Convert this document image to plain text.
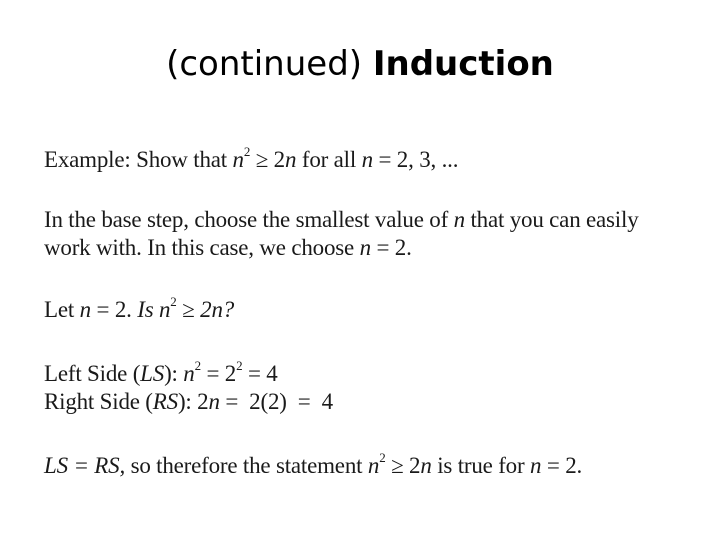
(continued) Induction
Example: Show that $n^2 \ge 2n$ for all n = 2, 3, ...
In the base step, choose the smallest value of n that you can easily
work with. In this case, we choose n = 2.
Let n = 2. Is $n^2 \ge 2n$?
Left Side (LS): $n^2 = 2^2 = 4$
Right Side (RS): 2n =  2(2)  =  4
LS = RS, so therefore the statement $n^2 \ge 2n$ is true for n = 2.
